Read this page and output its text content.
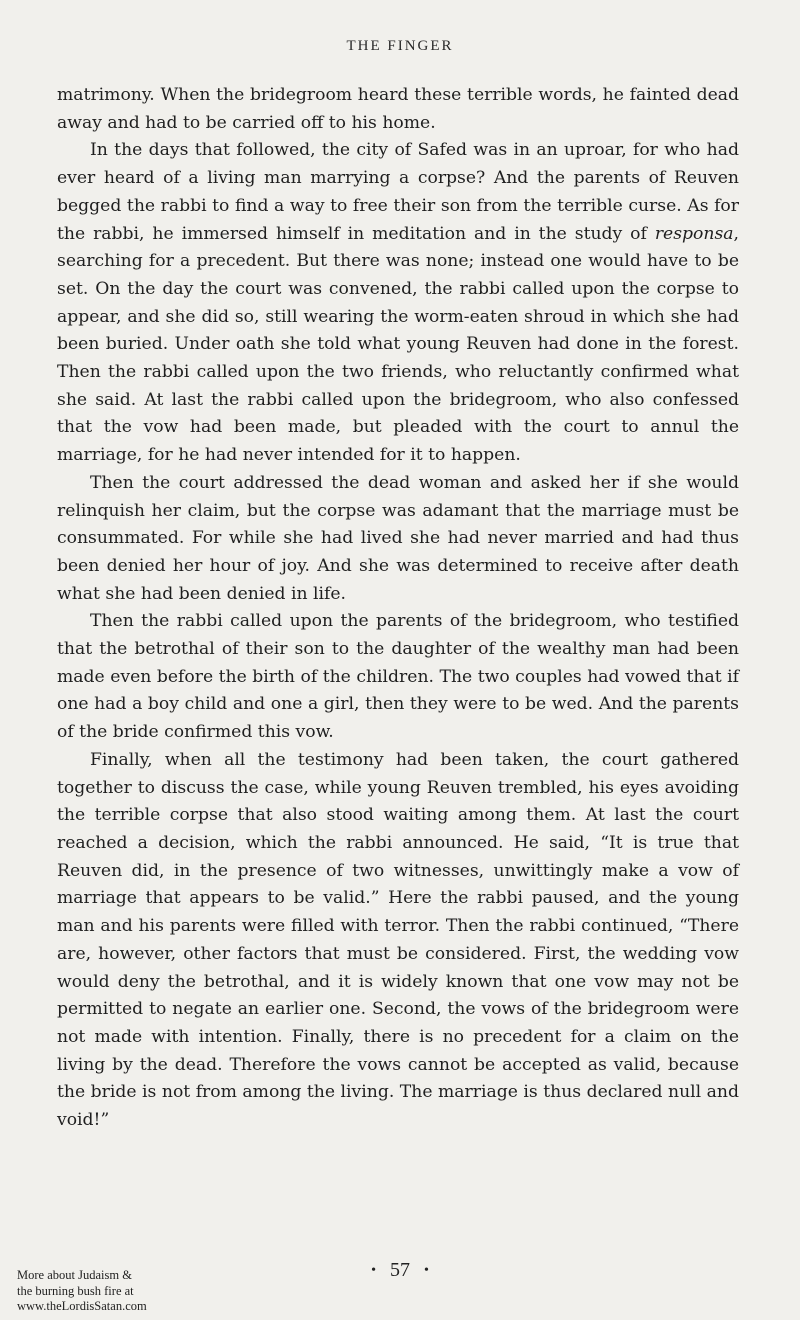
THE FINGER

matrimony. When the bridegroom heard these terrible words, he fainted dead away and had to be carried off to his home.

In the days that followed, the city of Safed was in an uproar, for who had ever heard of a living man marrying a corpse? And the parents of Reuven begged the rabbi to find a way to free their son from the terrible curse. As for the rabbi, he immersed himself in meditation and in the study of responsa, searching for a precedent. But there was none; instead one would have to be set. On the day the court was convened, the rabbi called upon the corpse to appear, and she did so, still wearing the worm-eaten shroud in which she had been buried. Under oath she told what young Reuven had done in the forest. Then the rabbi called upon the two friends, who reluctantly confirmed what she said. At last the rabbi called upon the bridegroom, who also confessed that the vow had been made, but pleaded with the court to annul the marriage, for he had never intended for it to happen.

Then the court addressed the dead woman and asked her if she would relinquish her claim, but the corpse was adamant that the marriage must be consummated. For while she had lived she had never married and had thus been denied her hour of joy. And she was determined to receive after death what she had been denied in life.

Then the rabbi called upon the parents of the bridegroom, who testified that the betrothal of their son to the daughter of the wealthy man had been made even before the birth of the children. The two couples had vowed that if one had a boy child and one a girl, then they were to be wed. And the parents of the bride confirmed this vow.

Finally, when all the testimony had been taken, the court gathered together to discuss the case, while young Reuven trembled, his eyes avoiding the terrible corpse that also stood waiting among them. At last the court reached a decision, which the rabbi announced. He said, “It is true that Reuven did, in the presence of two witnesses, unwittingly make a vow of marriage that appears to be valid.” Here the rabbi paused, and the young man and his parents were filled with terror. Then the rabbi continued, “There are, however, other factors that must be considered. First, the wedding vow would deny the betrothal, and it is widely known that one vow may not be permitted to negate an earlier one. Second, the vows of the bridegroom were not made with intention. Finally, there is no precedent for a claim on the living by the dead. Therefore the vows cannot be accepted as valid, because the bride is not from among the living. The marriage is thus declared null and void!”

• 57 •
More about Judaism &
the burning bush fire at
www.theLordisSatan.com
